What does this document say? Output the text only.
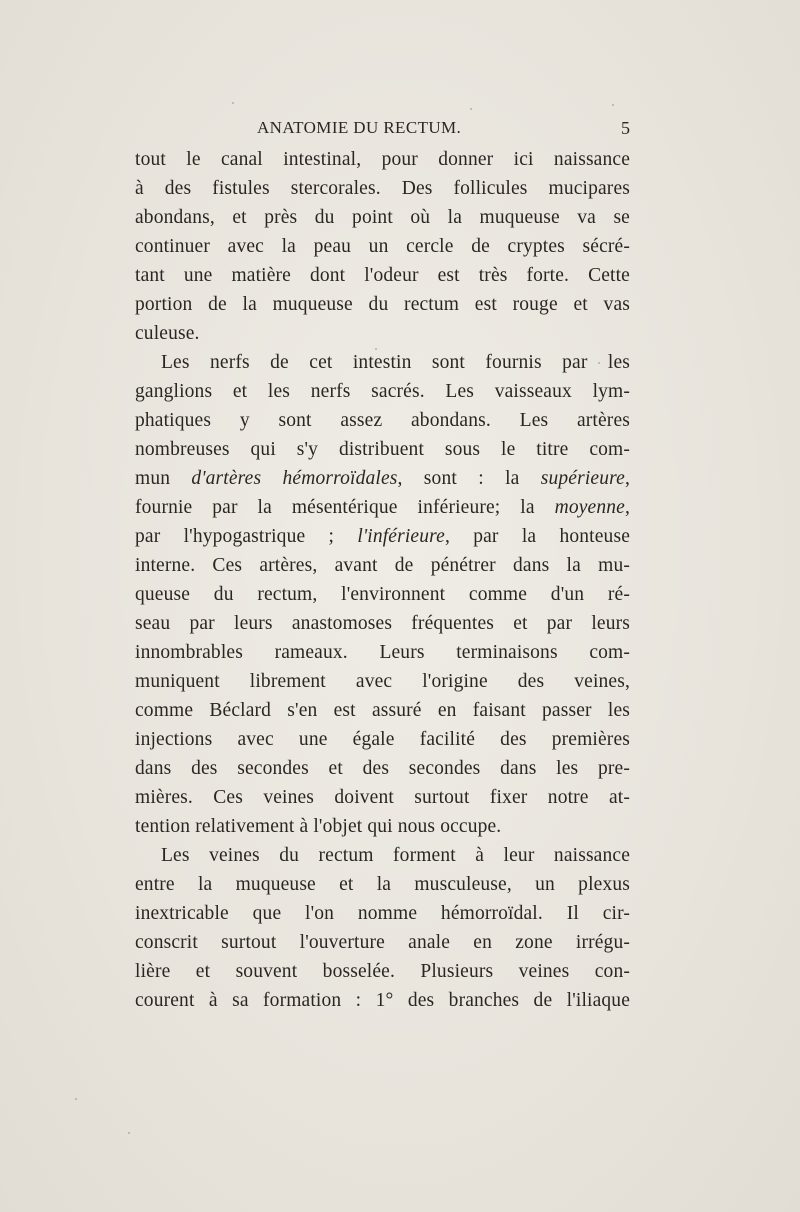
ANATOMIE DU RECTUM.	5
tout le canal intestinal, pour donner ici naissance
à des fistules stercorales. Des follicules mucipares
abondans, et près du point où la muqueuse va se
continuer avec la peau un cercle de cryptes sécré-
tant une matière dont l'odeur est très forte. Cette
portion de la muqueuse du rectum est rouge et vas
culeuse.
Les nerfs de cet intestin sont fournis par les
ganglions et les nerfs sacrés. Les vaisseaux lym-
phatiques y sont assez abondans. Les artères
nombreuses qui s'y distribuent sous le titre com-
mun d'artères hémorroïdales, sont : la supérieure,
fournie par la mésentérique inférieure; la moyenne,
par l'hypogastrique ; l'inférieure, par la honteuse
interne. Ces artères, avant de pénétrer dans la mu-
queuse du rectum, l'environnent comme d'un ré-
seau par leurs anastomoses fréquentes et par leurs
innombrables rameaux. Leurs terminaisons com-
muniquent librement avec l'origine des veines,
comme Béclard s'en est assuré en faisant passer les
injections avec une égale facilité des premières
dans des secondes et des secondes dans les pre-
mières. Ces veines doivent surtout fixer notre at-
tention relativement à l'objet qui nous occupe.
Les veines du rectum forment à leur naissance
entre la muqueuse et la musculeuse, un plexus
inextricable que l'on nomme hémorroïdal. Il cir-
conscrit surtout l'ouverture anale en zone irrégu-
lière et souvent bosselée. Plusieurs veines con-
courent à sa formation : 1° des branches de l'iliaque
